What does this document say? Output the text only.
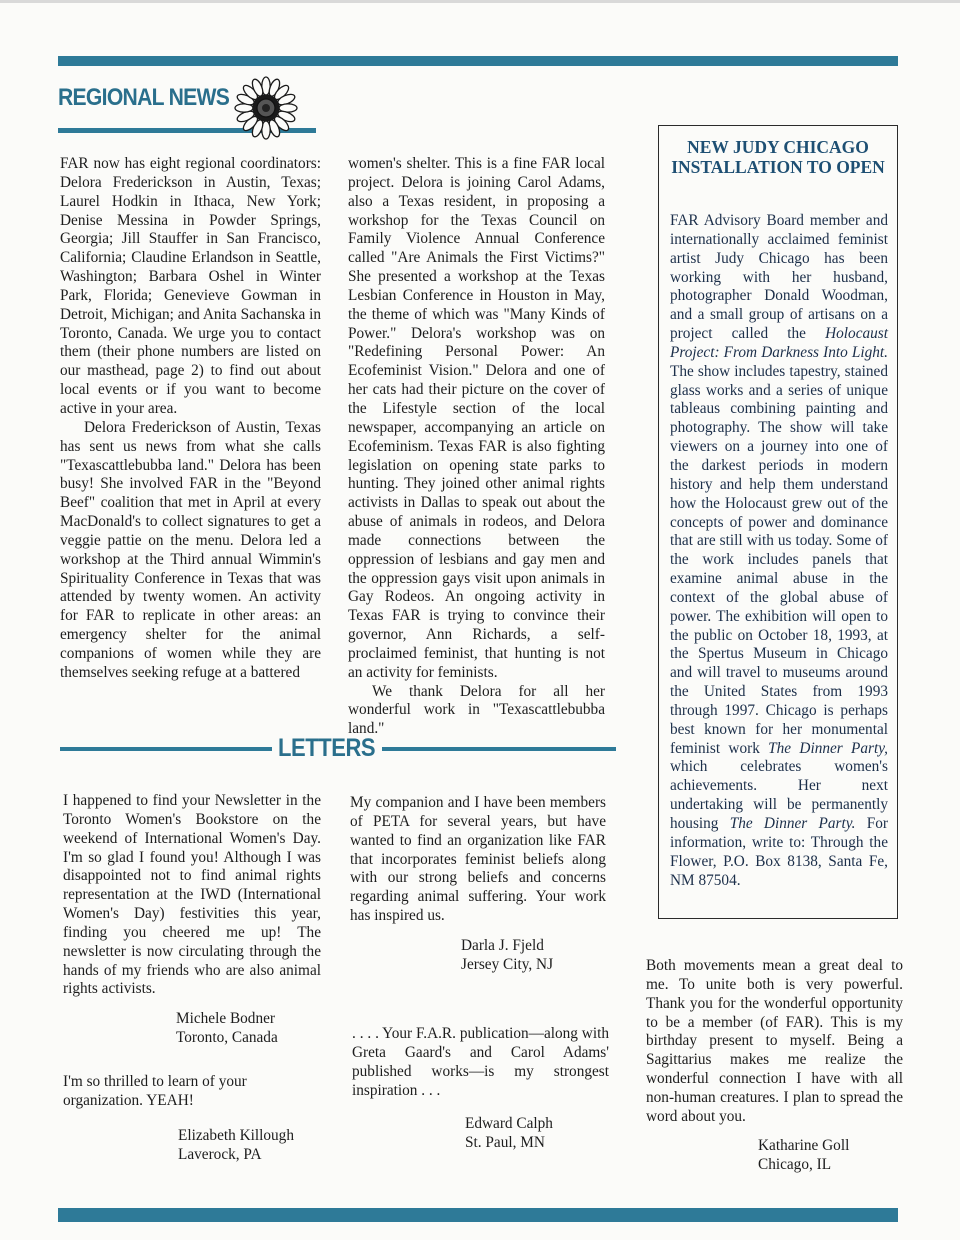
REGIONAL NEWS

FAR now has eight regional coordinators: Delora Frederickson in Austin, Texas; Laurel Hodkin in Ithaca, New York; Denise Messina in Powder Springs, Georgia; Jill Stauffer in San Francisco, California; Claudine Erlandson in Seattle, Washington; Barbara Oshel in Winter Park, Florida; Genevieve Gowman in Detroit, Michigan; and Anita Sachanska in Toronto, Canada. We urge you to contact them (their phone numbers are listed on our masthead, page 2) to find out about local events or if you want to become active in your area.

Delora Frederickson of Austin, Texas has sent us news from what she calls "Texascattlebubba land." Delora has been busy! She involved FAR in the "Beyond Beef" coalition that met in April at every MacDonald's to collect signatures to get a veggie pattie on the menu. Delora led a workshop at the Third annual Wimmin's Spirituality Conference in Texas that was attended by twenty women. An activity for FAR to replicate in other areas: an emergency shelter for the animal companions of women while they are themselves seeking refuge at a battered

women's shelter. This is a fine FAR local project. Delora is joining Carol Adams, also a Texas resident, in proposing a workshop for the Texas Council on Family Violence Annual Conference called "Are Animals the First Victims?" She presented a workshop at the Texas Lesbian Conference in Houston in May, the theme of which was "Many Kinds of Power." Delora's workshop was on "Redefining Personal Power: An Ecofeminist Vision." Delora and one of her cats had their picture on the cover of the Lifestyle section of the local newspaper, accompanying an article on Ecofeminism. Texas FAR is also fighting legislation on opening state parks to hunting. They joined other animal rights activists in Dallas to speak out about the abuse of animals in rodeos, and Delora made connections between the oppression of lesbians and gay men and the oppression gays visit upon animals in Gay Rodeos. An ongoing activity in Texas FAR is trying to convince their governor, Ann Richards, a self-proclaimed feminist, that hunting is not an activity for feminists.

We thank Delora for all her wonderful work in "Texascattlebubba land."

NEW JUDY CHICAGO INSTALLATION TO OPEN

FAR Advisory Board member and internationally acclaimed feminist artist Judy Chicago has been working with her husband, photographer Donald Woodman, and a small group of artisans on a project called the Holocaust Project: From Darkness Into Light. The show includes tapestry, stained glass works and a series of unique tableaus combining painting and photography. The show will take viewers on a journey into one of the darkest periods in modern history and help them understand how the Holocaust grew out of the concepts of power and dominance that are still with us today. Some of the work includes panels that examine animal abuse in the context of the global abuse of power. The exhibition will open to the public on October 18, 1993, at the Spertus Museum in Chicago and will travel to museums around the United States from 1993 through 1997. Chicago is perhaps best known for her monumental feminist work The Dinner Party, which celebrates women's achievements. Her next undertaking will be permanently housing The Dinner Party. For information, write to: Through the Flower, P.O. Box 8138, Santa Fe, NM 87504.

LETTERS

I happened to find your Newsletter in the Toronto Women's Bookstore on the weekend of International Women's Day. I'm so glad I found you! Although I was disappointed not to find animal rights representation at the IWD (International Women's Day) festivities this year, finding you cheered me up! The newsletter is now circulating through the hands of my friends who are also animal rights activists.

Michele Bodner
Toronto, Canada

I'm so thrilled to learn of your organization. YEAH!

Elizabeth Killough
Laverock, PA

My companion and I have been members of PETA for several years, but have wanted to find an organization like FAR that incorporates feminist beliefs along with our strong beliefs and concerns regarding animal suffering. Your work has inspired us.

Darla J. Fjeld
Jersey City, NJ

. . . . Your F.A.R. publication—along with Greta Gaard's and Carol Adams' published works—is my strongest inspiration . . .

Edward Calph
St. Paul, MN

Both movements mean a great deal to me. To unite both is very powerful. Thank you for the wonderful opportunity to be a member (of FAR). This is my birthday present to myself. Being a Sagittarius makes me realize the wonderful connection I have with all non-human creatures. I plan to spread the word about you.

Katharine Goll
Chicago, IL
